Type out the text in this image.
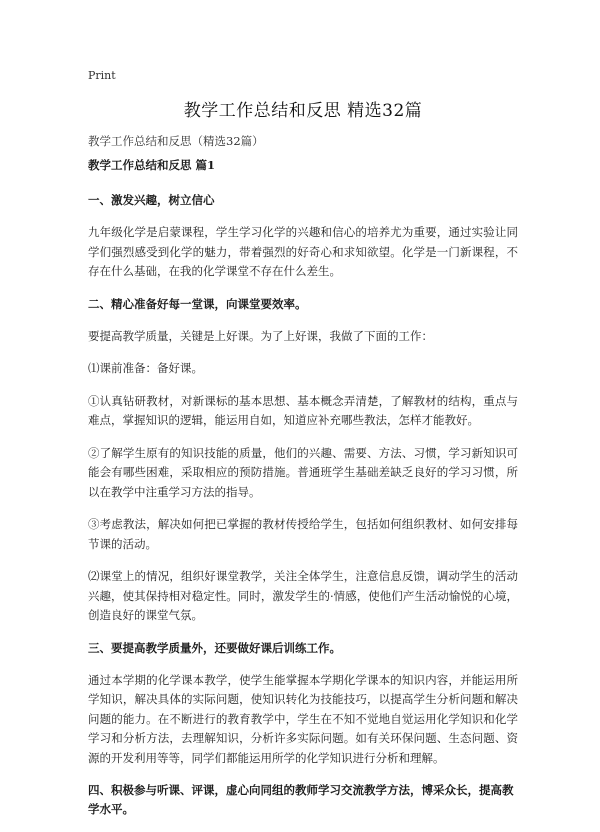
Print
教学工作总结和反思 精选32篇
教学工作总结和反思（精选32篇）
教学工作总结和反思 篇1
一、激发兴趣，树立信心

九年级化学是启蒙课程，学生学习化学的兴趣和信心的培养尤为重要，通过实验让同学们强烈感受到化学的魅力，带着强烈的好奇心和求知欲望。化学是一门新课程，不存在什么基础，在我的化学课堂不存在什么差生。

二、精心准备好每一堂课，向课堂要效率。

要提高教学质量，关键是上好课。为了上好课，我做了下面的工作：

⑴课前准备：备好课。

①认真钻研教材，对新课标的基本思想、基本概念弄清楚，了解教材的结构，重点与难点，掌握知识的逻辑，能运用自如，知道应补充哪些教法，怎样才能教好。

②了解学生原有的知识技能的质量，他们的兴趣、需要、方法、习惯，学习新知识可能会有哪些困难，采取相应的预防措施。普通班学生基础差缺乏良好的学习习惯，所以在教学中注重学习方法的指导。

③考虑教法，解决如何把已掌握的教材传授给学生，包括如何组织教材、如何安排每节课的活动。

⑵课堂上的情况，组织好课堂教学，关注全体学生，注意信息反馈，调动学生的活动兴趣，使其保持相对稳定性。同时，激发学生的·情感，使他们产生活动愉悦的心境，创造良好的课堂气氛。

三、要提高教学质量外，还要做好课后训练工作。

通过本学期的化学课本教学，使学生能掌握本学期化学课本的知识内容，并能运用所学知识，解决具体的实际问题，使知识转化为技能技巧，以提高学生分析问题和解决问题的能力。在不断进行的教育教学中，学生在不知不觉地自觉运用化学知识和化学学习和分析方法，去理解知识，分析许多实际问题。如有关环保问题、生态问题、资源的开发利用等等，同学们都能运用所学的化学知识进行分析和理解。

四、积极参与听课、评课，虚心向同组的教师学习交流教学方法，博采众长，提高教学水平。
